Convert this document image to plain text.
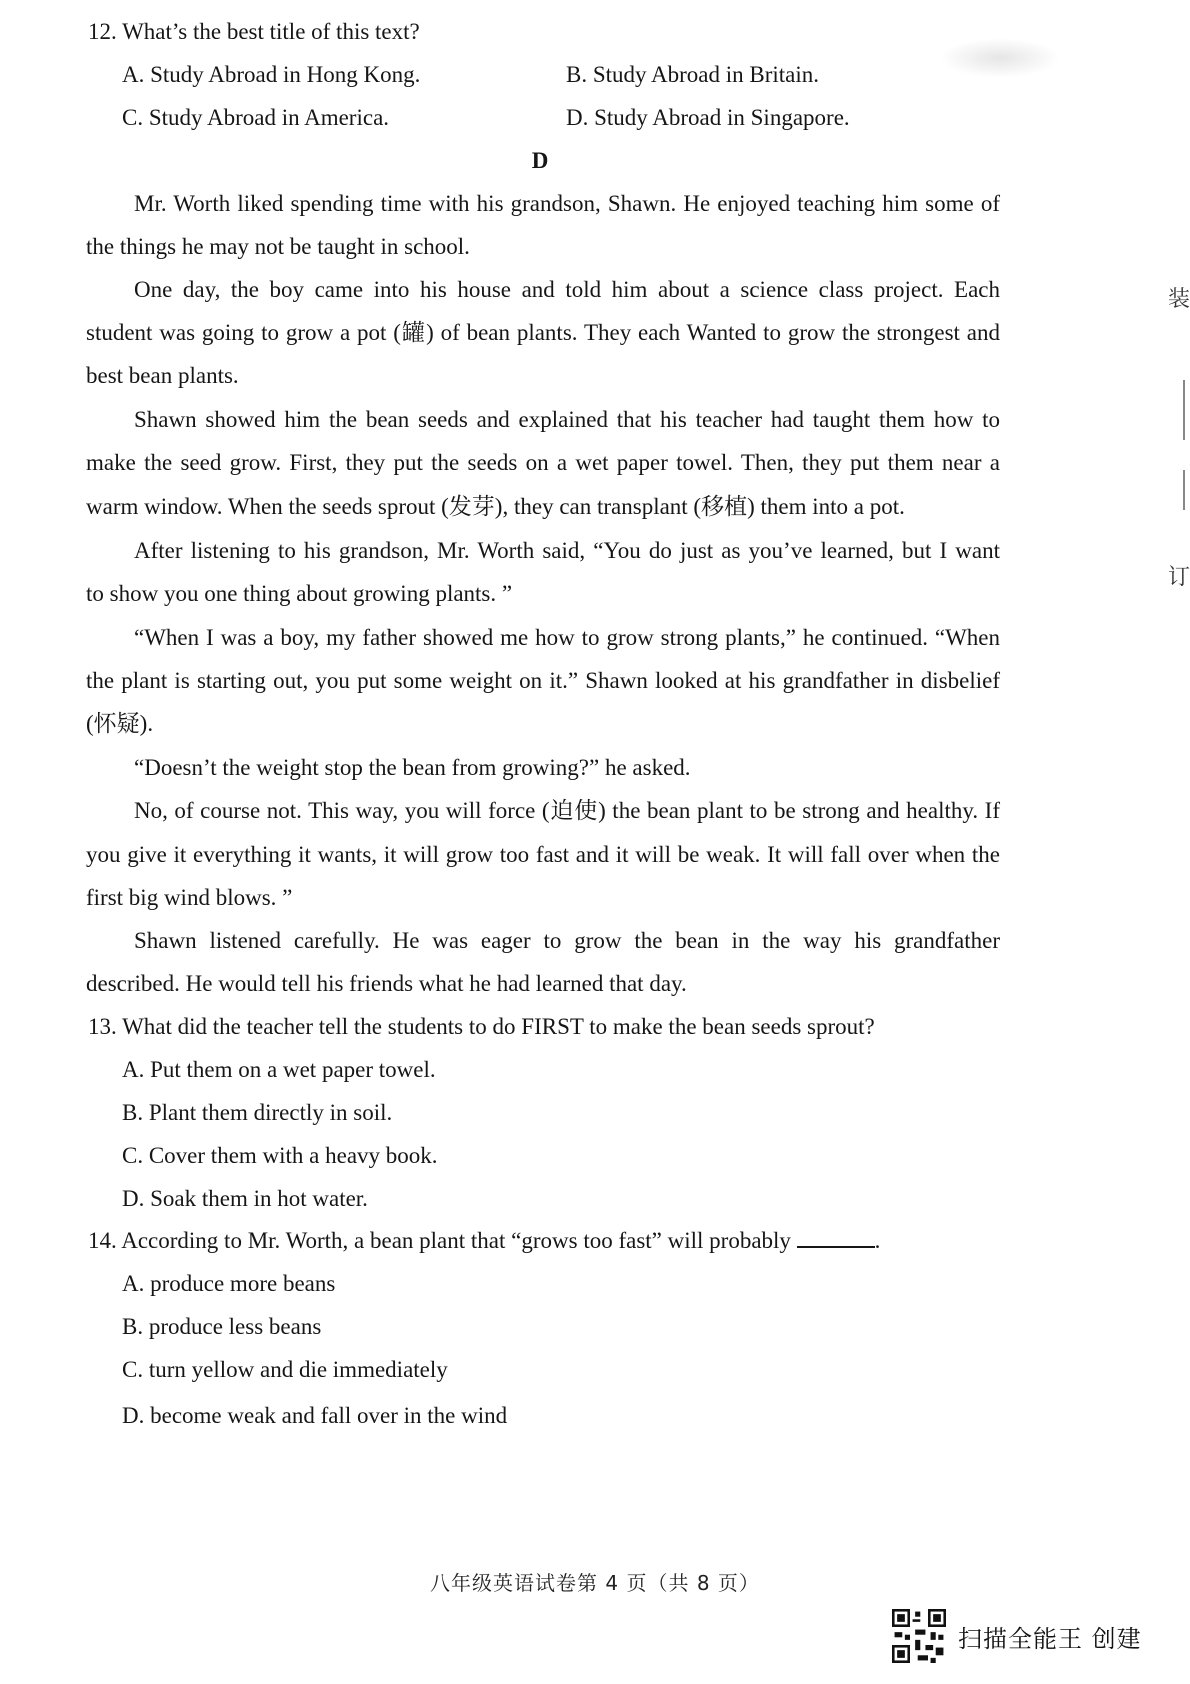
12. What’s the best title of this text?
A. Study Abroad in Hong Kong.	B. Study Abroad in Britain.
C. Study Abroad in America.	D. Study Abroad in Singapore.
D
Mr. Worth liked spending time with his grandson, Shawn. He enjoyed teaching him some of
the things he may not be taught in school.
One day, the boy came into his house and told him about a science class project. Each
student was going to grow a pot (罐) of bean plants. They each Wanted to grow the strongest and
best bean plants.
Shawn showed him the bean seeds and explained that his teacher had taught them how to
make the seed grow. First, they put the seeds on a wet paper towel. Then, they put them near a
warm window. When the seeds sprout (发芽), they can transplant (移植) them into a pot.
After listening to his grandson, Mr. Worth said, “You do just as you’ve learned, but I want
to show you one thing about growing plants. ”
“When I was a boy, my father showed me how to grow strong plants,” he continued. “When
the plant is starting out, you put some weight on it.” Shawn looked at his grandfather in disbelief
(怀疑).
“Doesn’t the weight stop the bean from growing?” he asked.
No, of course not. This way, you will force (迫使) the bean plant to be strong and healthy. If
you give it everything it wants, it will grow too fast and it will be weak. It will fall over when the
first big wind blows. ”
Shawn listened carefully. He was eager to grow the bean in the way his grandfather
described. He would tell his friends what he had learned that day.
13. What did the teacher tell the students to do FIRST to make the bean seeds sprout?
A. Put them on a wet paper towel.
B. Plant them directly in soil.
C. Cover them with a heavy book.
D. Soak them in hot water.
14. According to Mr. Worth, a bean plant that “grows too fast” will probably	.
A. produce more beans
B. produce less beans
C. turn yellow and die immediately
D. become weak and fall over in the wind
装
订
八年级英语试卷第 4 页（共 8 页）
扫描全能王 创建
